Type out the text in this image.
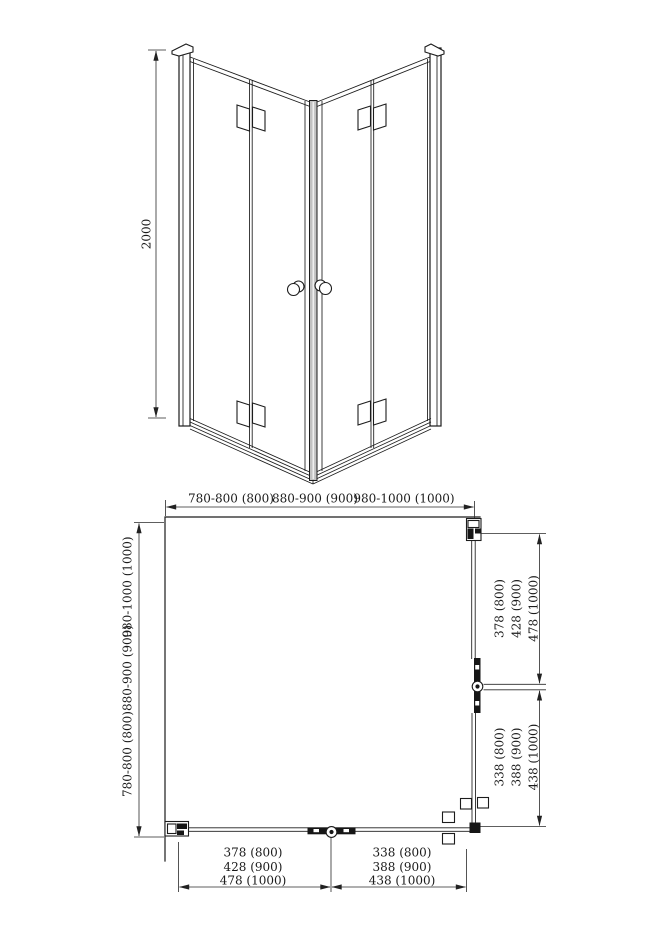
2000
780-800 (800)
880-900 (900)
980-1000 (1000)
780-800 (800)
880-900 (900)
980-1000 (1000)	378 (800) 428 (900) 478 (1000)
338 (800) 388 (900) 438 (1000)
378 (800)
428 (900)
478 (1000)
338 (800)
388 (900)
438 (1000)
